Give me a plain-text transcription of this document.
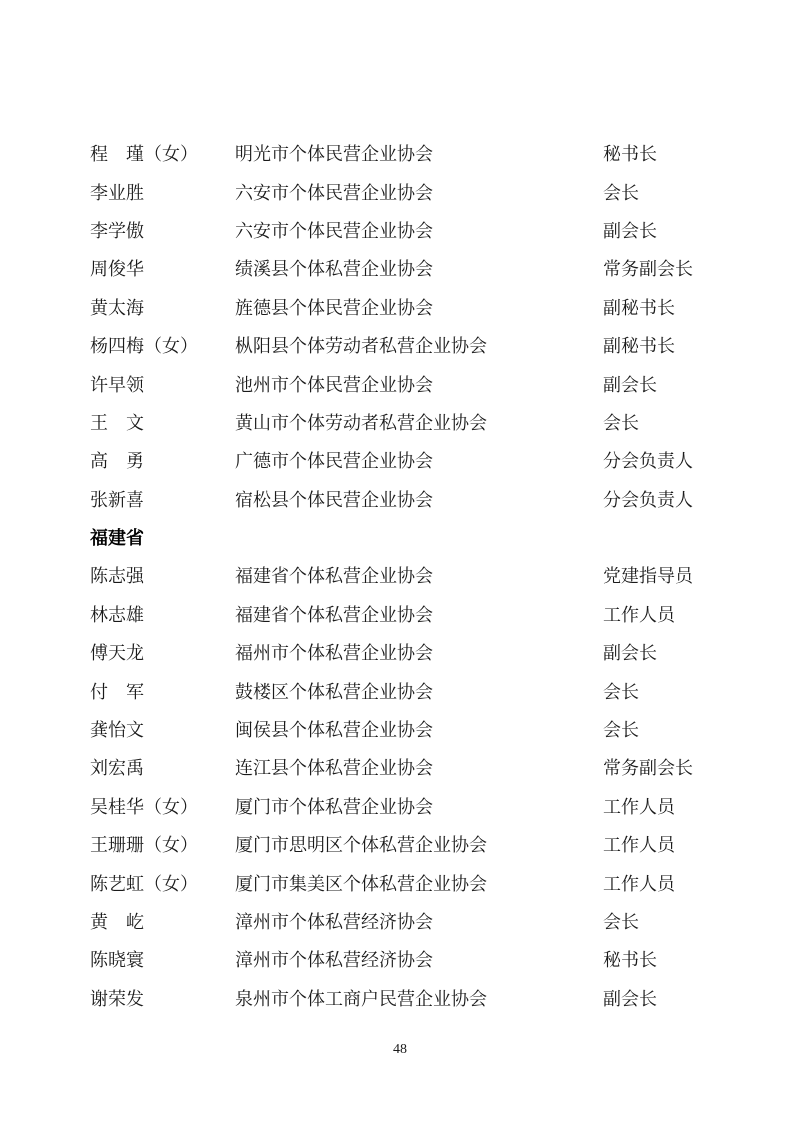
程　瑾（女）	明光市个体民营企业协会	秘书长
李业胜	六安市个体民营企业协会	会长
李学傲	六安市个体民营企业协会	副会长
周俊华	绩溪县个体私营企业协会	常务副会长
黄太海	旌德县个体民营企业协会	副秘书长
杨四梅（女）	枞阳县个体劳动者私营企业协会	副秘书长
许早领	池州市个体民营企业协会	副会长
王　文	黄山市个体劳动者私营企业协会	会长
高　勇	广德市个体民营企业协会	分会负责人
张新喜	宿松县个体民营企业协会	分会负责人
福建省
陈志强	福建省个体私营企业协会	党建指导员
林志雄	福建省个体私营企业协会	工作人员
傅天龙	福州市个体私营企业协会	副会长
付　军	鼓楼区个体私营企业协会	会长
龚怡文	闽侯县个体私营企业协会	会长
刘宏禹	连江县个体私营企业协会	常务副会长
吴桂华（女）	厦门市个体私营企业协会	工作人员
王珊珊（女）	厦门市思明区个体私营企业协会	工作人员
陈艺虹（女）	厦门市集美区个体私营企业协会	工作人员
黄　屹	漳州市个体私营经济协会	会长
陈晓寰	漳州市个体私营经济协会	秘书长
谢荣发	泉州市个体工商户民营企业协会	副会长
48
